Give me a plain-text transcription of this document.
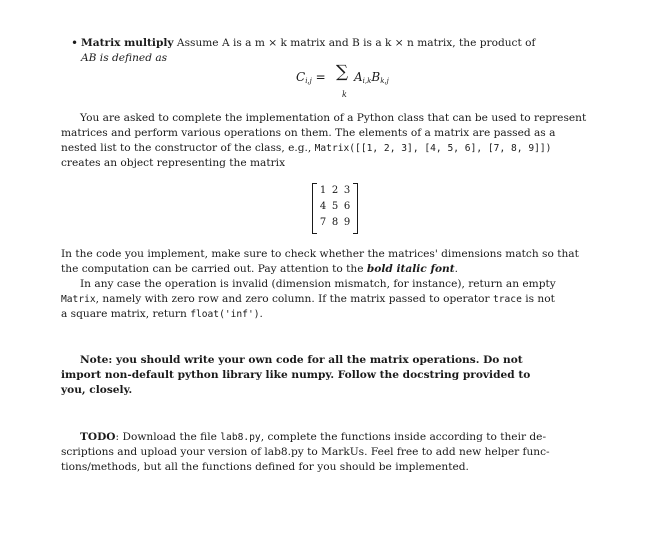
• Matrix multiply Assume A is a m × k matrix and B is a k × n matrix, the product of
AB is defined as
$C_{i,j}$ = ∑
k
$A_{i,k}B_{k,j}$
You are asked to complete the implementation of a Python class that can be used to represent
matrices and perform various operations on them. The elements of a matrix are passed as a
nested list to the constructor of the class, e.g., Matrix([[1, 2, 3], [4, 5, 6], [7, 8, 9]])
creates an object representing the matrix
1	2	3
4	5	6
7	8	9
In the code you implement, make sure to check whether the matrices' dimensions match so that
the computation can be carried out. Pay attention to the bold italic font.
In any case the operation is invalid (dimension mismatch, for instance), return an empty
Matrix, namely with zero row and zero column. If the matrix passed to operator trace is not
a square matrix, return float('inf').
Note: you should write your own code for all the matrix operations. Do not
import non-default python library like numpy. Follow the docstring provided to
you, closely.
TODO: Download the file lab8.py, complete the functions inside according to their de-
scriptions and upload your version of lab8.py to MarkUs. Feel free to add new helper func-
tions/methods, but all the functions defined for you should be implemented.
